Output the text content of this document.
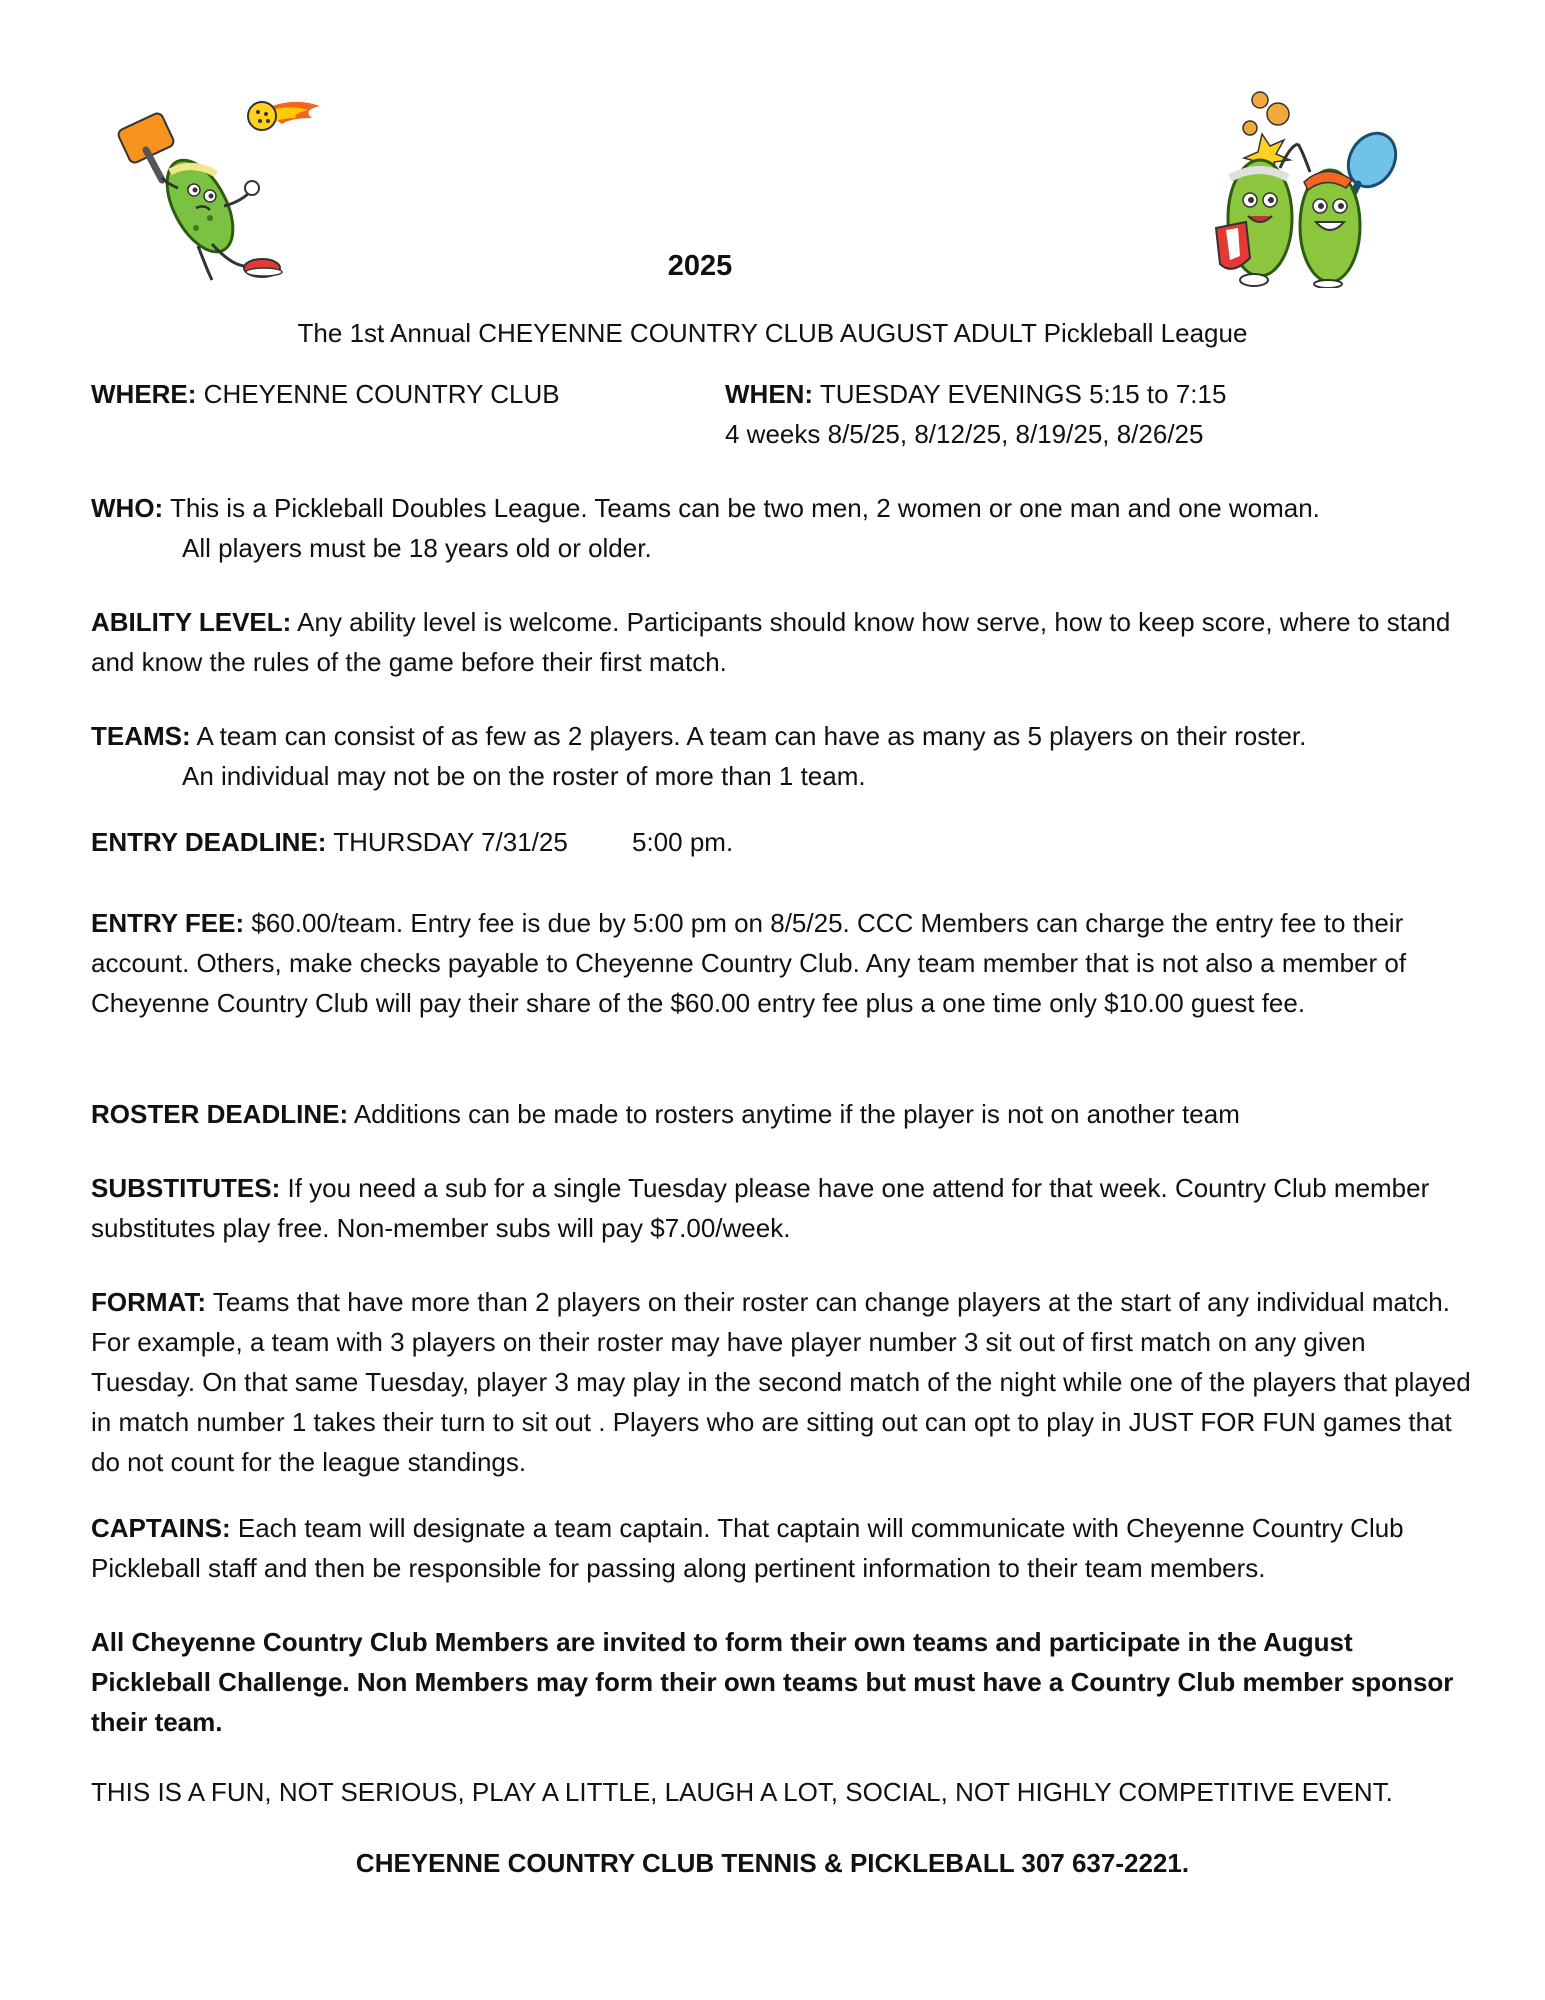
2025
The 1st Annual CHEYENNE COUNTRY CLUB AUGUST ADULT Pickleball League
WHERE: CHEYENNE COUNTRY CLUB	WHEN: TUESDAY EVENINGS 5:15 to 7:15
4 weeks 8/5/25, 8/12/25, 8/19/25, 8/26/25
WHO: This is a Pickleball Doubles League. Teams can be two men, 2 women or one man and one woman.
All players must be 18 years old or older.
ABILITY LEVEL: Any ability level is welcome. Participants should know how serve, how to keep score, where to stand and know the rules of the game before their first match.
TEAMS: A team can consist of as few as 2 players. A team can have as many as 5 players on their roster.
An individual may not be on the roster of more than 1 team.
ENTRY DEADLINE: THURSDAY 7/31/25	5:00 pm.
ENTRY FEE: $60.00/team. Entry fee is due by 5:00 pm on 8/5/25. CCC Members can charge the entry fee to their account. Others, make checks payable to Cheyenne Country Club. Any team member that is not also a member of Cheyenne Country Club will pay their share of the $60.00 entry fee plus a one time only $10.00 guest fee.
ROSTER DEADLINE: Additions can be made to rosters anytime if the player is not on another team
SUBSTITUTES: If you need a sub for a single Tuesday please have one attend for that week. Country Club member substitutes play free. Non-member subs will pay $7.00/week.
FORMAT: Teams that have more than 2 players on their roster can change players at the start of any individual match. For example, a team with 3 players on their roster may have player number 3 sit out of first match on any given Tuesday. On that same Tuesday, player 3 may play in the second match of the night while one of the players that played in match number 1 takes their turn to sit out . Players who are sitting out can opt to play in JUST FOR FUN games that do not count for the league standings.
CAPTAINS: Each team will designate a team captain. That captain will communicate with Cheyenne Country Club Pickleball staff and then be responsible for passing along pertinent information to their team members.
All Cheyenne Country Club Members are invited to form their own teams and participate in the August Pickleball Challenge. Non Members may form their own teams but must have a Country Club member sponsor their team.
THIS IS A FUN, NOT SERIOUS, PLAY A LITTLE, LAUGH A LOT, SOCIAL, NOT HIGHLY COMPETITIVE EVENT.
CHEYENNE COUNTRY CLUB TENNIS & PICKLEBALL 307 637-2221.
